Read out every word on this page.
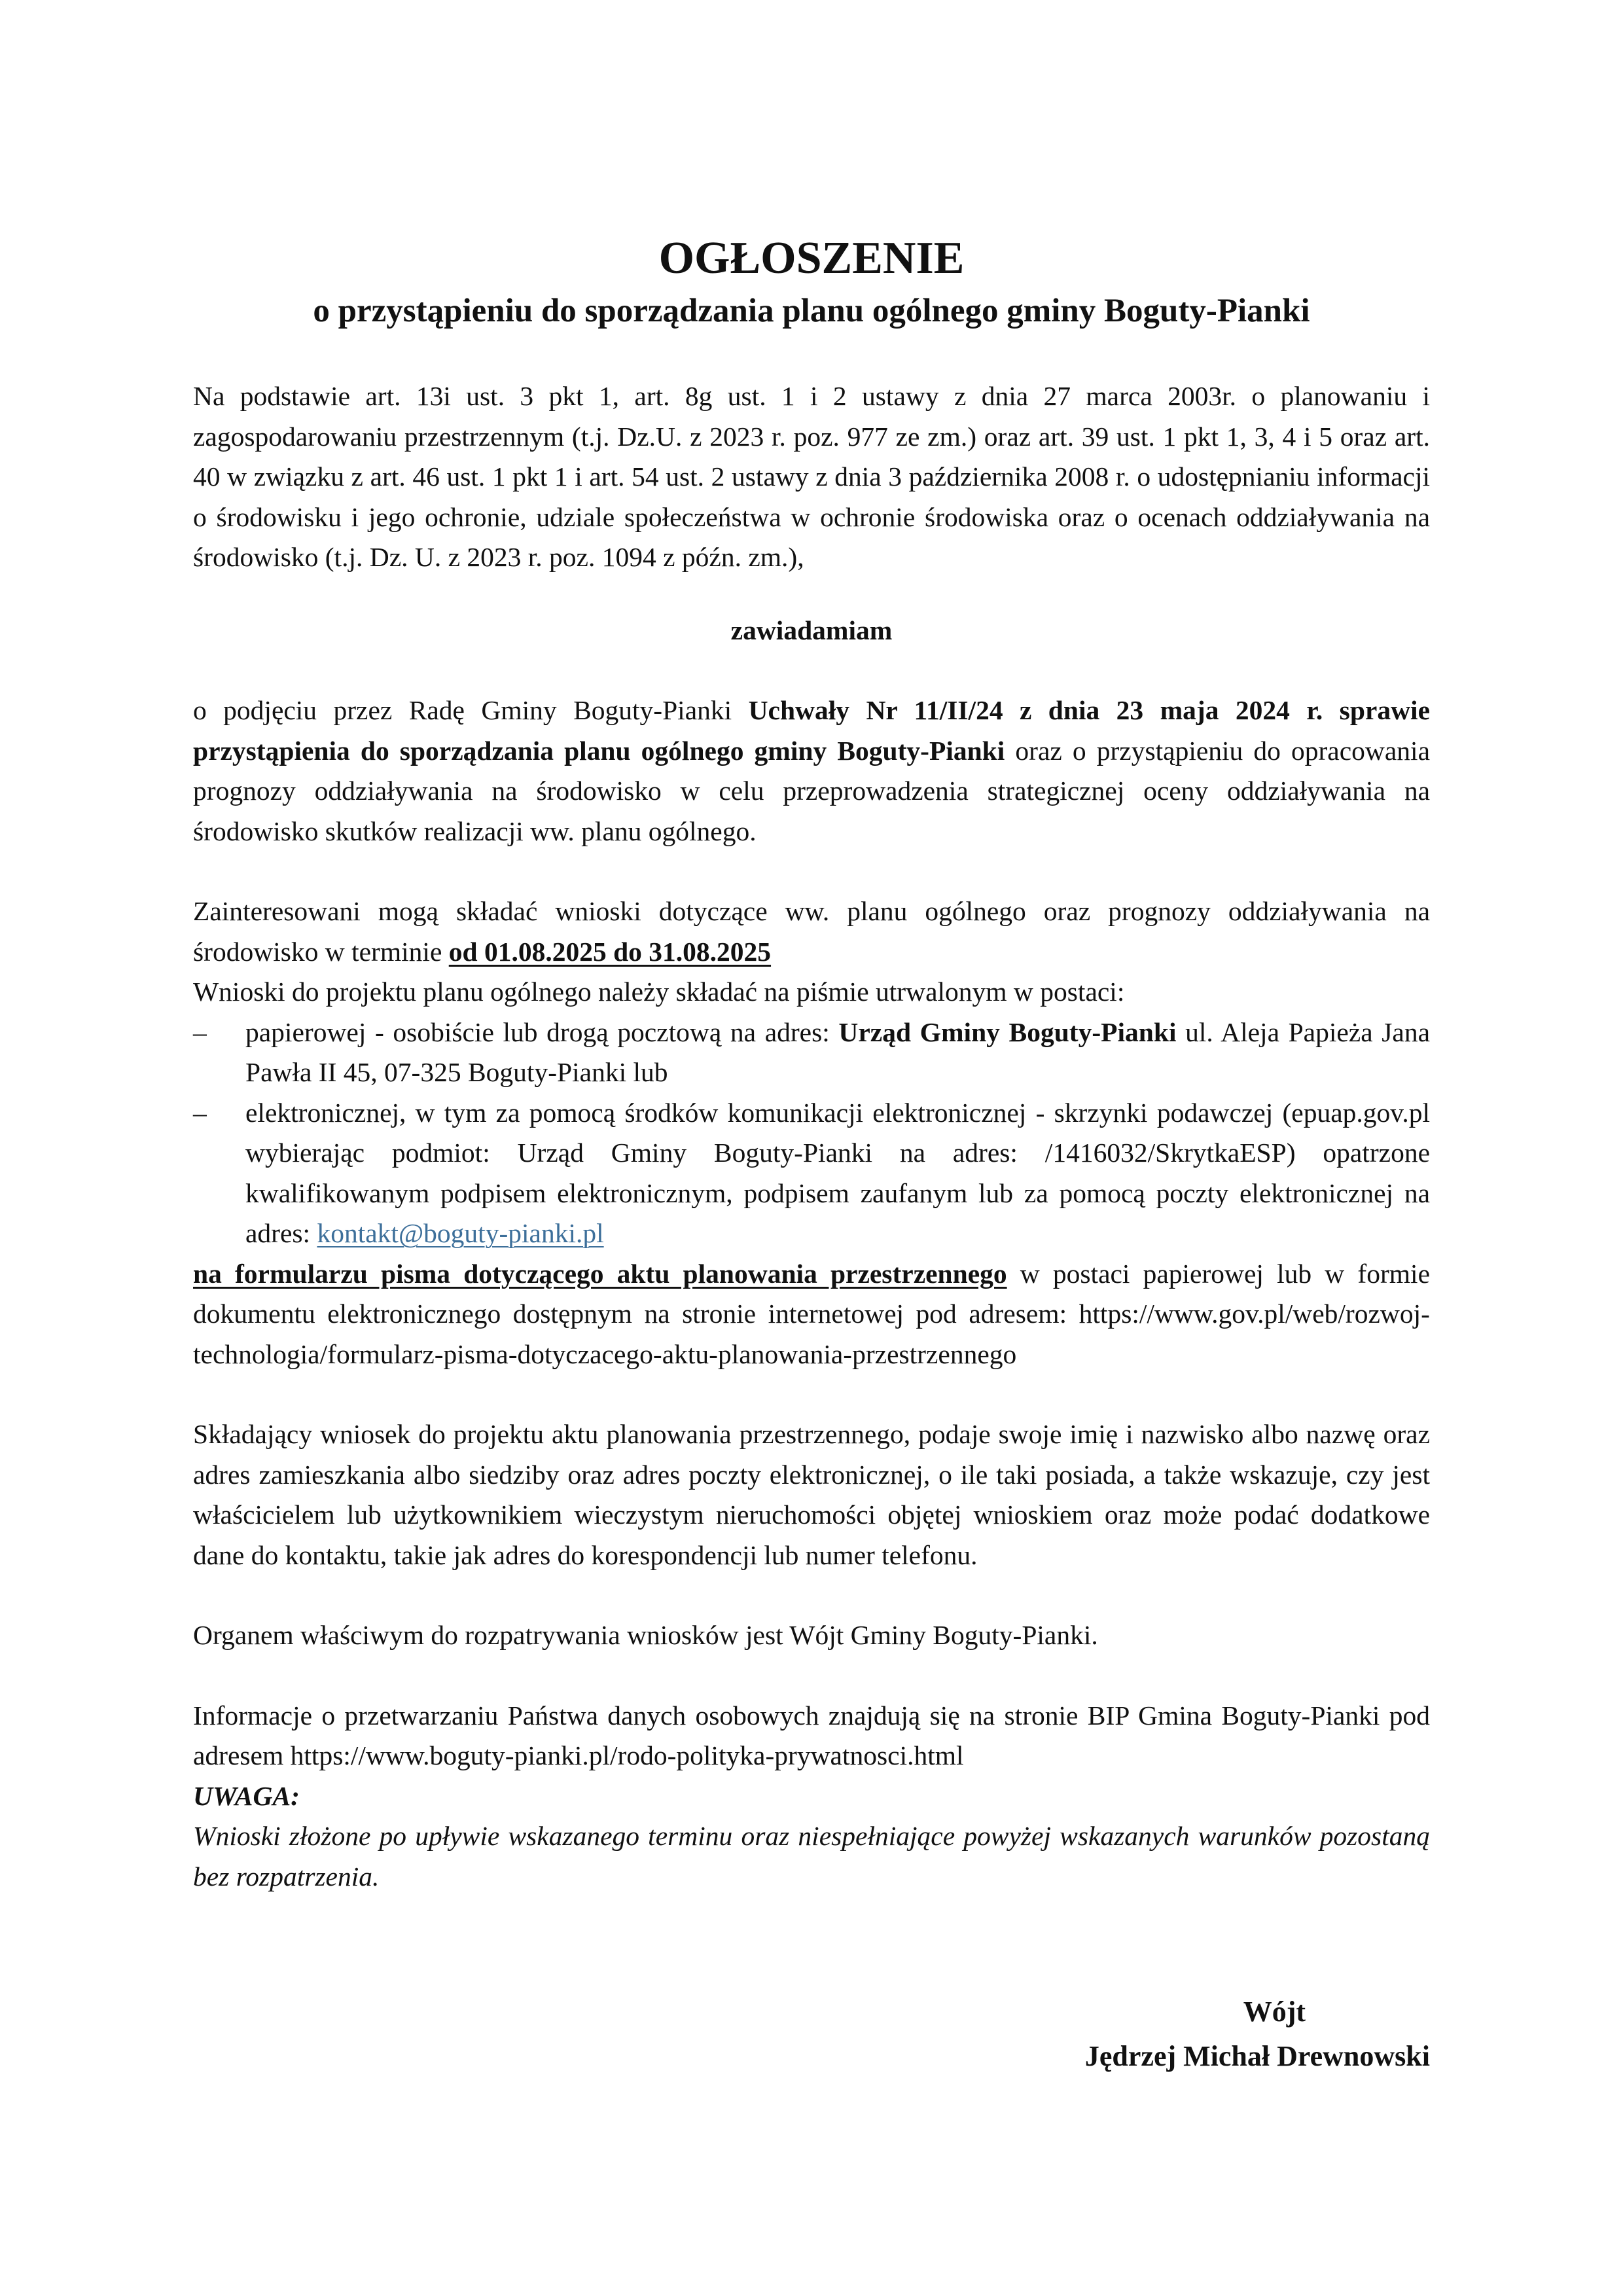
OGŁOSZENIE
o przystąpieniu do sporządzania planu ogólnego gminy Boguty-Pianki

Na podstawie art. 13i ust. 3 pkt 1, art. 8g ust. 1 i 2 ustawy z dnia 27 marca 2003r. o planowaniu i zagospodarowaniu przestrzennym (t.j. Dz.U. z 2023 r. poz. 977 ze zm.) oraz art. 39 ust. 1 pkt 1, 3, 4 i 5 oraz art. 40 w związku z art. 46 ust. 1 pkt 1 i art. 54 ust. 2 ustawy z dnia 3 października 2008 r. o udostępnianiu informacji o środowisku i jego ochronie, udziale społeczeństwa w ochronie środowiska oraz o ocenach oddziaływania na środowisko (t.j. Dz. U. z 2023 r. poz. 1094 z późn. zm.),

zawiadamiam

o podjęciu przez Radę Gminy Boguty-Pianki Uchwały Nr 11/II/24 z dnia 23 maja 2024 r. sprawie przystąpienia do sporządzania planu ogólnego gminy Boguty-Pianki oraz o przystąpieniu do opracowania prognozy oddziaływania na środowisko w celu przeprowadzenia strategicznej oceny oddziaływania na środowisko skutków realizacji ww. planu ogólnego.

Zainteresowani mogą składać wnioski dotyczące ww. planu ogólnego oraz prognozy oddziaływania na środowisko w terminie od 01.08.2025 do 31.08.2025

Wnioski do projektu planu ogólnego należy składać na piśmie utrwalonym w postaci:

– papierowej - osobiście lub drogą pocztową na adres: Urząd Gminy Boguty-Pianki ul. Aleja Papieża Jana Pawła II 45, 07-325 Boguty-Pianki lub
– elektronicznej, w tym za pomocą środków komunikacji elektronicznej - skrzynki podawczej (epuap.gov.pl wybierając podmiot: Urząd Gminy Boguty-Pianki na adres: /1416032/SkrytkaESP) opatrzone kwalifikowanym podpisem elektronicznym, podpisem zaufanym lub za pomocą poczty elektronicznej na adres: kontakt@boguty-pianki.pl

na formularzu pisma dotyczącego aktu planowania przestrzennego w postaci papierowej lub w formie dokumentu elektronicznego dostępnym na stronie internetowej pod adresem: https://www.gov.pl/web/rozwoj-technologia/formularz-pisma-dotyczacego-aktu-planowania-przestrzennego

Składający wniosek do projektu aktu planowania przestrzennego, podaje swoje imię i nazwisko albo nazwę oraz adres zamieszkania albo siedziby oraz adres poczty elektronicznej, o ile taki posiada, a także wskazuje, czy jest właścicielem lub użytkownikiem wieczystym nieruchomości objętej wnioskiem oraz może podać dodatkowe dane do kontaktu, takie jak adres do korespondencji lub numer telefonu.

Organem właściwym do rozpatrywania wniosków jest Wójt Gminy Boguty-Pianki.

Informacje o przetwarzaniu Państwa danych osobowych znajdują się na stronie BIP Gmina Boguty-Pianki pod adresem https://www.boguty-pianki.pl/rodo-polityka-prywatnosci.html

UWAGA:

Wnioski złożone po upływie wskazanego terminu oraz niespełniające powyżej wskazanych warunków pozostaną bez rozpatrzenia.

Wójt
Jędrzej Michał Drewnowski
